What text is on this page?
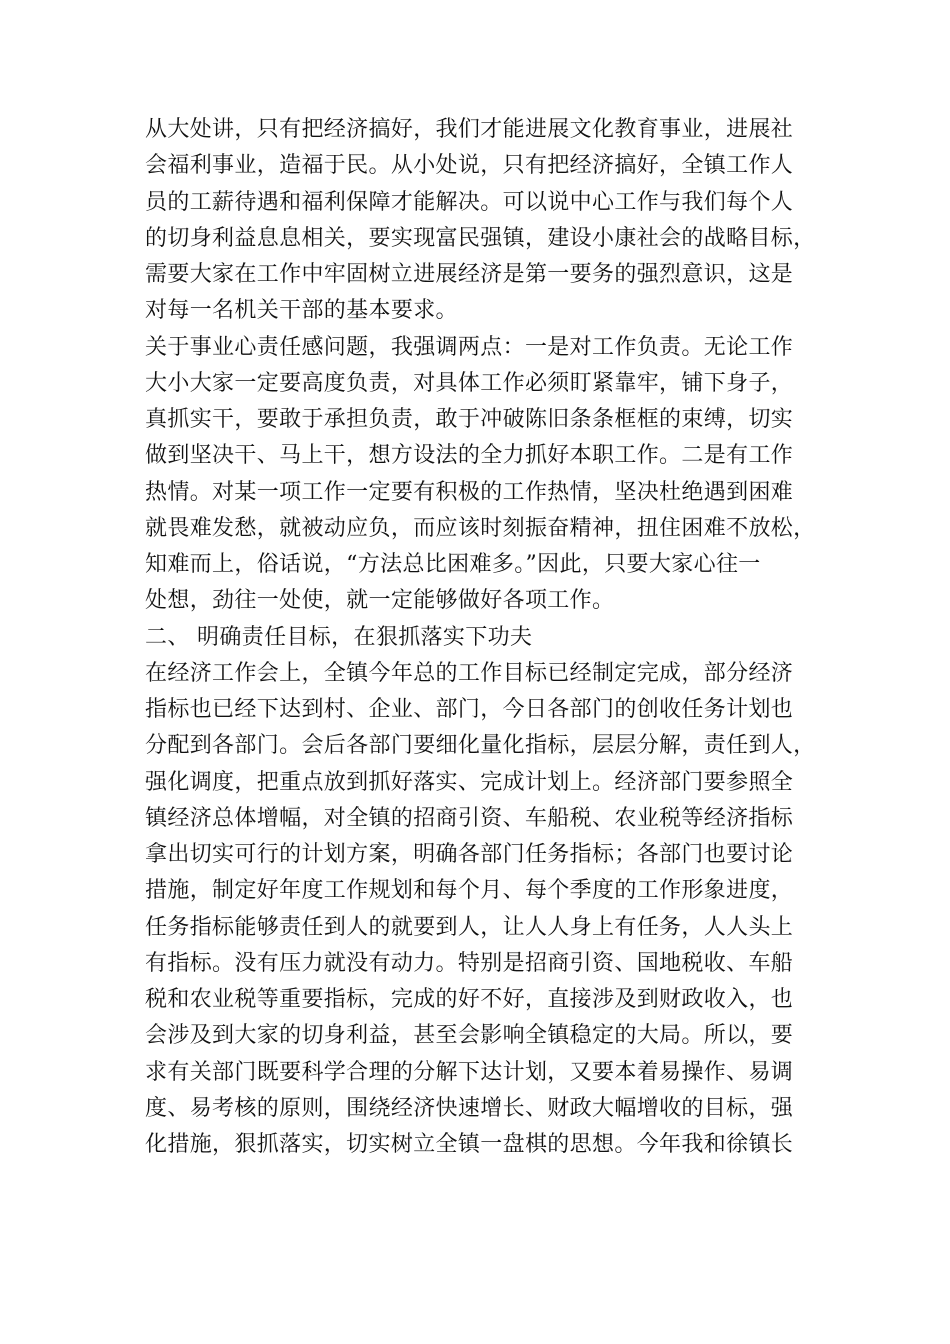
从大处讲，只有把经济搞好，我们才能进展文化教育事业，进展社
会福利事业，造福于民。从小处说，只有把经济搞好，全镇工作人
员的工薪待遇和福利保障才能解决。可以说中心工作与我们每个人
的切身利益息息相关，要实现富民强镇，建设小康社会的战略目标，
需要大家在工作中牢固树立进展经济是第一要务的强烈意识，这是
对每一名机关干部的基本要求。
关于事业心责任感问题，我强调两点：一是对工作负责。无论工作
大小大家一定要高度负责，对具体工作必须盯紧靠牢，铺下身子，
真抓实干，要敢于承担负责，敢于冲破陈旧条条框框的束缚，切实
做到坚决干、马上干，想方设法的全力抓好本职工作。二是有工作
热情。对某一项工作一定要有积极的工作热情，坚决杜绝遇到困难
就畏难发愁，就被动应负，而应该时刻振奋精神，扭住困难不放松，
知难而上，俗话说，“方法总比困难多。”因此，只要大家心往一
处想，劲往一处使，就一定能够做好各项工作。
二、 明确责任目标，在狠抓落实下功夫
在经济工作会上，全镇今年总的工作目标已经制定完成，部分经济
指标也已经下达到村、企业、部门，今日各部门的创收任务计划也
分配到各部门。会后各部门要细化量化指标，层层分解，责任到人，
强化调度，把重点放到抓好落实、完成计划上。经济部门要参照全
镇经济总体增幅，对全镇的招商引资、车船税、农业税等经济指标
拿出切实可行的计划方案，明确各部门任务指标；各部门也要讨论
措施，制定好年度工作规划和每个月、每个季度的工作形象进度，
任务指标能够责任到人的就要到人，让人人身上有任务，人人头上
有指标。没有压力就没有动力。特别是招商引资、国地税收、车船
税和农业税等重要指标，完成的好不好，直接涉及到财政收入，也
会涉及到大家的切身利益，甚至会影响全镇稳定的大局。所以，要
求有关部门既要科学合理的分解下达计划，又要本着易操作、易调
度、易考核的原则，围绕经济快速增长、财政大幅增收的目标，强
化措施，狠抓落实，切实树立全镇一盘棋的思想。今年我和徐镇长
